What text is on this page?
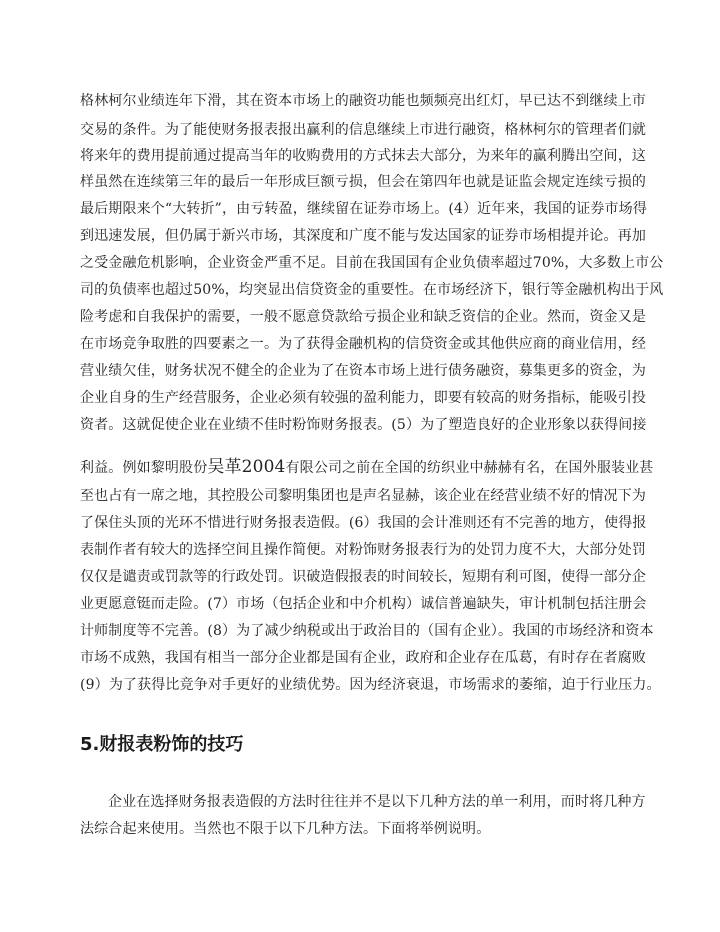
格林柯尔业绩连年下滑，其在资本市场上的融资功能也频频亮出红灯，早已达不到继续上市
交易的条件。为了能使财务报表报出赢利的信息继续上市进行融资，格林柯尔的管理者们就
将来年的费用提前通过提高当年的收购费用的方式抹去大部分，为来年的赢利腾出空间，这
样虽然在连续第三年的最后一年形成巨额亏损，但会在第四年也就是证监会规定连续亏损的
最后期限来个“大转折”，由亏转盈，继续留在证券市场上。(4）近年来，我国的证券市场得
到迅速发展，但仍属于新兴市场，其深度和广度不能与发达国家的证券市场相提并论。再加
之受金融危机影响，企业资金严重不足。目前在我国国有企业负债率超过70%，大多数上市公
司的负债率也超过50%，均突显出信贷资金的重要性。在市场经济下，银行等金融机构出于风
险考虑和自我保护的需要，一般不愿意贷款给亏损企业和缺乏资信的企业。然而，资金又是
在市场竞争取胜的四要素之一。为了获得金融机构的信贷资金或其他供应商的商业信用，经
营业绩欠佳，财务状况不健全的企业为了在资本市场上进行债务融资，募集更多的资金，为
企业自身的生产经营服务，企业必须有较强的盈利能力，即要有较高的财务指标，能吸引投
资者。这就促使企业在业绩不佳时粉饰财务报表。(5）为了塑造良好的企业形象以获得间接
利益。例如黎明股份吴革2004有限公司之前在全国的纺织业中赫赫有名，在国外服装业甚
至也占有一席之地，其控股公司黎明集团也是声名显赫，该企业在经营业绩不好的情况下为
了保住头顶的光环不惜进行财务报表造假。(6）我国的会计准则还有不完善的地方，使得报
表制作者有较大的选择空间且操作简便。对粉饰财务报表行为的处罚力度不大，大部分处罚
仅仅是谴责或罚款等的行政处罚。识破造假报表的时间较长，短期有利可图，使得一部分企
业更愿意铤而走险。(7）市场（包括企业和中介机构）诚信普遍缺失，审计机制包括注册会
计师制度等不完善。(8）为了减少纳税或出于政治目的（国有企业）。我国的市场经济和资本
市场不成熟，我国有相当一部分企业都是国有企业，政府和企业存在瓜葛，有时存在者腐败
(9）为了获得比竞争对手更好的业绩优势。因为经济衰退，市场需求的萎缩，迫于行业压力。
5.财报表粉饰的技巧
企业在选择财务报表造假的方法时往往并不是以下几种方法的单一利用，而时将几种方
法综合起来使用。当然也不限于以下几种方法。下面将举例说明。
